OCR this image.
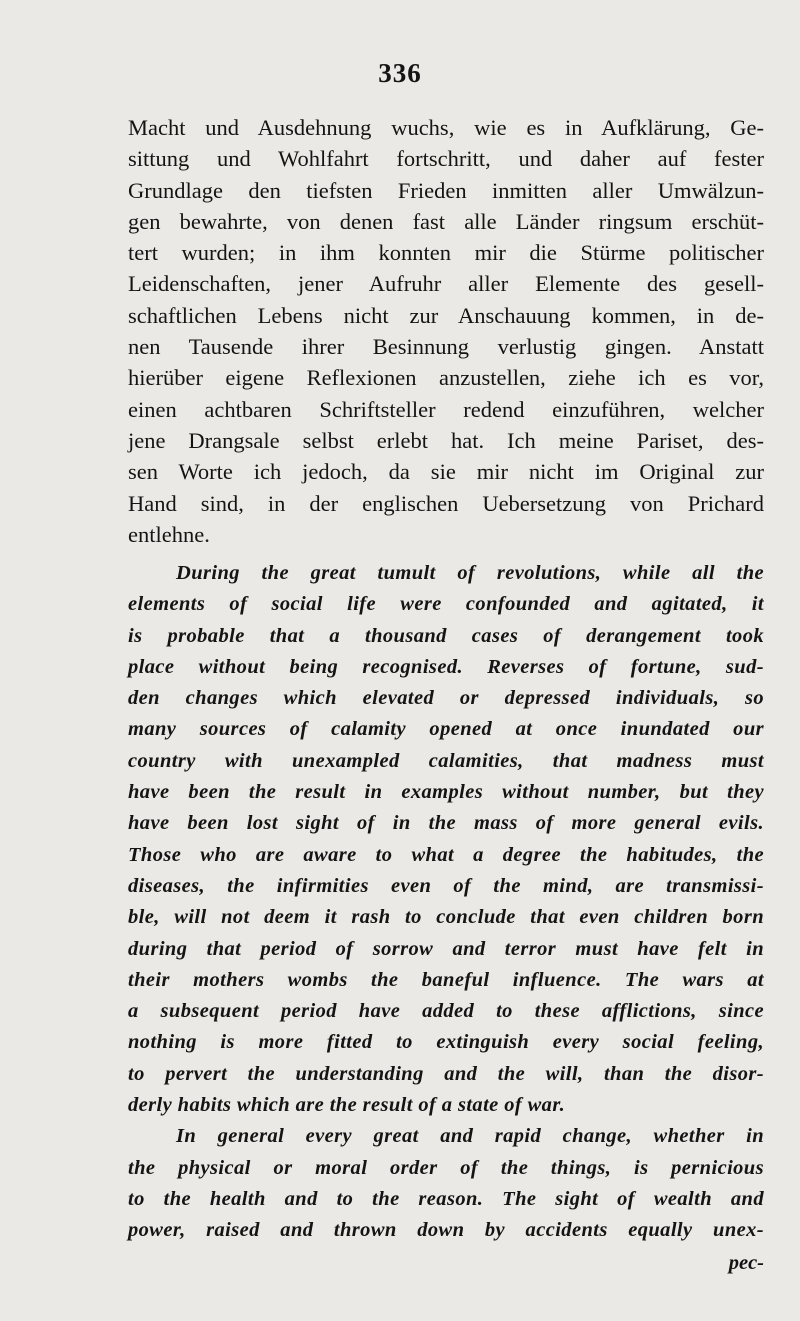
336
Macht und Ausdehnung wuchs, wie es in Aufklärung, Ge-
sittung und Wohlfahrt fortschritt, und daher auf fester
Grundlage den tiefsten Frieden inmitten aller Umwälzun-
gen bewahrte, von denen fast alle Länder ringsum erschüt-
tert wurden; in ihm konnten mir die Stürme politischer
Leidenschaften, jener Aufruhr aller Elemente des gesell-
schaftlichen Lebens nicht zur Anschauung kommen, in de-
nen Tausende ihrer Besinnung verlustig gingen. Anstatt
hierüber eigene Reflexionen anzustellen, ziehe ich es vor,
einen achtbaren Schriftsteller redend einzuführen, welcher
jene Drangsale selbst erlebt hat. Ich meine Pariset, des-
sen Worte ich jedoch, da sie mir nicht im Original zur
Hand sind, in der englischen Uebersetzung von Prichard
entlehne.
During the great tumult of revolutions, while all the
elements of social life were confounded and agitated, it
is probable that a thousand cases of derangement took
place without being recognised. Reverses of fortune, sud-
den changes which elevated or depressed individuals, so
many sources of calamity opened at once inundated our
country with unexampled calamities, that madness must
have been the result in examples without number, but they
have been lost sight of in the mass of more general evils.
Those who are aware to what a degree the habitudes, the
diseases, the infirmities even of the mind, are transmissi-
ble, will not deem it rash to conclude that even children born
during that period of sorrow and terror must have felt in
their mothers wombs the baneful influence. The wars at
a subsequent period have added to these afflictions, since
nothing is more fitted to extinguish every social feeling,
to pervert the understanding and the will, than the disor-
derly habits which are the result of a state of war.
In general every great and rapid change, whether in
the physical or moral order of the things, is pernicious
to the health and to the reason. The sight of wealth and
power, raised and thrown down by accidents equally unex-
pec-
